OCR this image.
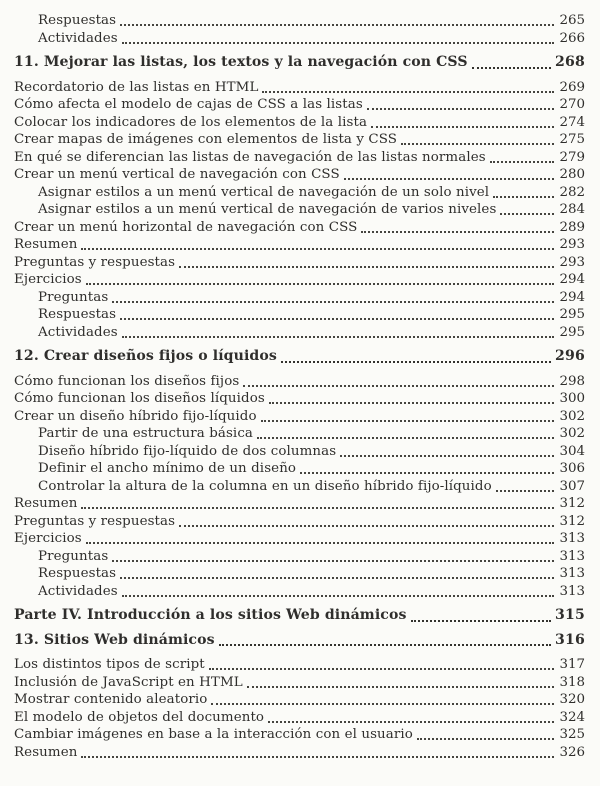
Respuestas	265
Actividades	266
11. Mejorar las listas, los textos y la navegación con CSS	268
Recordatorio de las listas en HTML	269
Cómo afecta el modelo de cajas de CSS a las listas	270
Colocar los indicadores de los elementos de la lista	274
Crear mapas de imágenes con elementos de lista y CSS	275
En qué se diferencian las listas de navegación de las listas normales	279
Crear un menú vertical de navegación con CSS	280
Asignar estilos a un menú vertical de navegación de un solo nivel	282
Asignar estilos a un menú vertical de navegación de varios niveles	284
Crear un menú horizontal de navegación con CSS	289
Resumen	293
Preguntas y respuestas	293
Ejercicios	294
Preguntas	294
Respuestas	295
Actividades	295
12. Crear diseños fijos o líquidos	296
Cómo funcionan los diseños fijos	298
Cómo funcionan los diseños líquidos	300
Crear un diseño híbrido fijo-líquido	302
Partir de una estructura básica	302
Diseño híbrido fijo-líquido de dos columnas	304
Definir el ancho mínimo de un diseño	306
Controlar la altura de la columna en un diseño híbrido fijo-líquido	307
Resumen	312
Preguntas y respuestas	312
Ejercicios	313
Preguntas	313
Respuestas	313
Actividades	313
Parte IV. Introducción a los sitios Web dinámicos	315
13. Sitios Web dinámicos	316
Los distintos tipos de script	317
Inclusión de JavaScript en HTML	318
Mostrar contenido aleatorio	320
El modelo de objetos del documento	324
Cambiar imágenes en base a la interacción con el usuario	325
Resumen	326
